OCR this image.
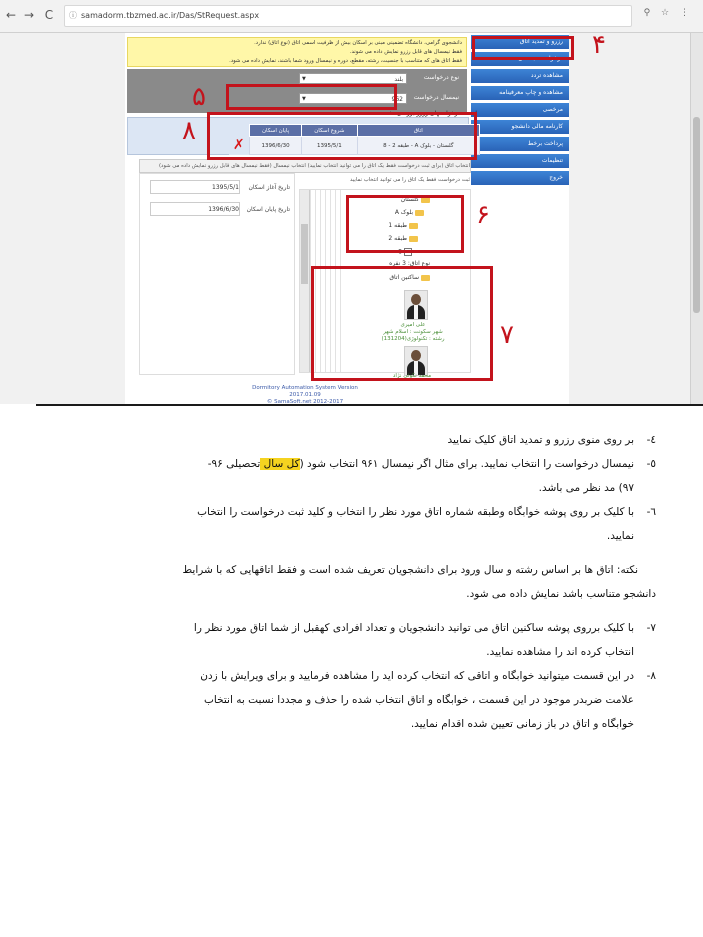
← → C	ⓘ samadorm.tbzmed.ac.ir/Das/StRequest.aspx	⚲ ☆ ⋮
رزرو و تمدید اتاق
درخواست جمعدی
مشاهده تردد
مشاهده و چاپ معرفینامه
مرخصی
کارنامه مالی دانشجو
پرداخت برخط
تنظیمات
خروج
دانشجوی گرامی، دانشگاه تضمینی مبنی بر اسکان بیش از ظرفیت اسمی اتاق (نوع اتاق) ندارد.
فقط نیمسال های قابل رزرو نمایش داده می شوند.
فقط اتاق های که متناسب با جنسیت، رشته، مقطع، دوره و نیمسال ورود شما باشند، نمایش داده می شود.
نوع درخواست
بلند
▼
نیمسال درخواست
962
▼
لیست درخواستهای رزرو بررسی نشده
اتاق	شروع اسکان	پایان اسکان	
گلستان - بلوک A - طبقه 2 - 8	1395/5/1	1396/6/30	✗
انتخاب اتاق (برای ثبت درخواست فقط یک اتاق را می توانید انتخاب نمایید) انتخاب نیمسال (فقط نیمسال های قابل رزرو نمایش داده می شود)
ثبت درخواست فقط یک اتاق را می توانید انتخاب نمایید
تاریخ آغاز اسکان
1395/5/1
تاریخ پایان اسکان
1396/6/30
گلستان
بلوک A
طبقه 1
طبقه 2
✓8
نوع اتاق: 3 نفره
ساکنین اتاق
علی امیری
شهر سکونت : اسلام شهر
رشته : تکنولوژی(131204)
محمد نکوئی نژاد
Dormitory Automation System Version 2017.01.09
© SamaSoft.net 2012-2017
۴
۵
۸
۶
۷

٤-بر روی منوی رزرو و تمدید اتاق کلیک نمایید

٥-نیمسال درخواست را انتخاب نمایید. برای مثال اگر نیمسال ۹۶۱ انتخاب شود (کل سال تحصیلی ۹۶-

۹۷) مد نظر می باشد.

٦-با کلیک بر روی پوشه خوابگاه وطبقه شماره اتاق مورد نظر را انتخاب و کلید ثبت درخواست را انتخاب

نمایید.

نکته: اتاق ها بر اساس رشته و سال ورود برای دانشجویان تعریف شده است و فقط اتاقهایی که با شرایط
دانشجو متناسب باشد نمایش داده می شود.

٧-با کلیک برروی پوشه ساکنین اتاق می توانید دانشجویان و تعداد افرادی کهقبل از شما اتاق مورد نظر را

انتخاب کرده اند را مشاهده نمایید.

٨-در این قسمت میتوانید خوابگاه و اتاقی که انتخاب کرده اید را مشاهده فرمایید و برای ویرایش با زدن

علامت ضربدر موجود در این قسمت ، خوابگاه و اتاق انتخاب شده را حذف و مجددا نسبت به انتخاب

خوابگاه و اتاق در باز زمانی تعیین شده اقدام نمایید.
